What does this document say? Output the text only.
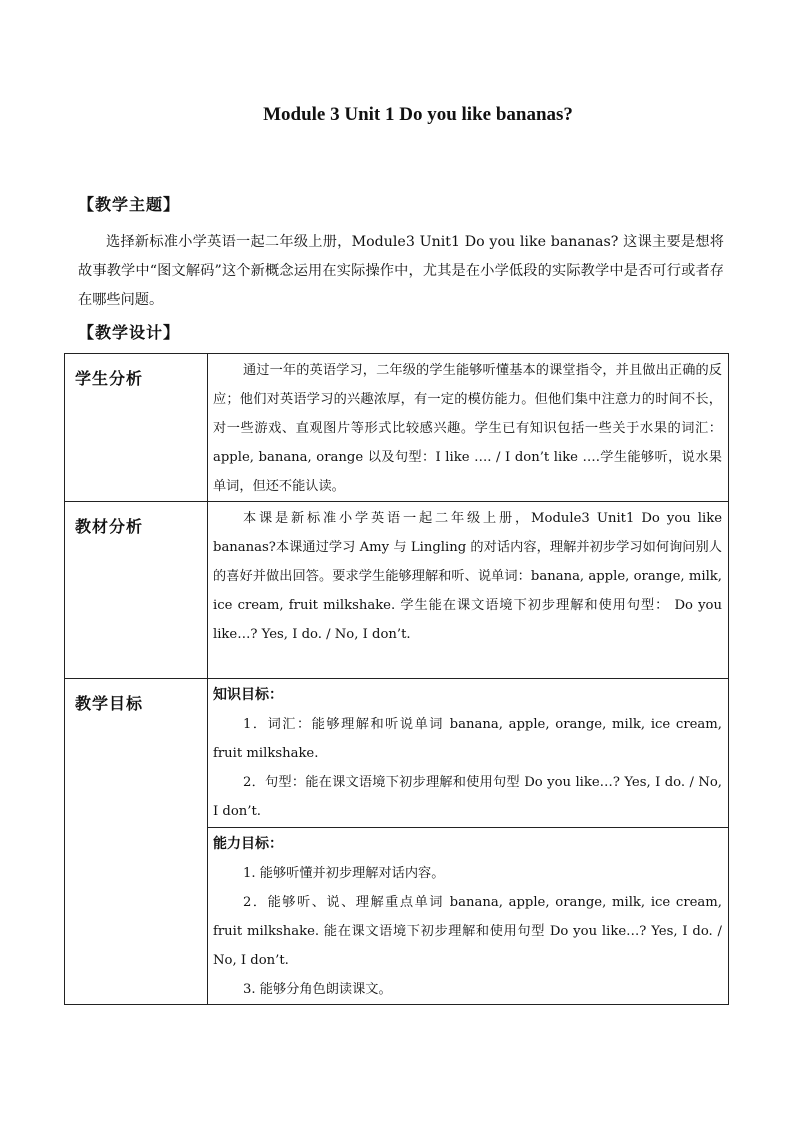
Module 3 Unit 1 Do you like bananas?
【教学主题】
选择新标准小学英语一起二年级上册，Module3 Unit1 Do you like bananas? 这课主要是想将故事教学中“图文解码”这个新概念运用在实际操作中，尤其是在小学低段的实际教学中是否可行或者存在哪些问题。
【教学设计】
学生分析	通过一年的英语学习，二年级的学生能够听懂基本的课堂指令，并且做出正确的反应；他们对英语学习的兴趣浓厚，有一定的模仿能力。但他们集中注意力的时间不长，对一些游戏、直观图片等形式比较感兴趣。学生已有知识包括一些关于水果的词汇：apple, banana, orange 以及句型：I like …. / I don’t like ….学生能够听，说水果单词，但还不能认读。

教材分析	本课是新标准小学英语一起二年级上册，Module3 Unit1 Do you like bananas?本课通过学习 Amy 与 Lingling 的对话内容，理解并初步学习如何询问别人的喜好并做出回答。要求学生能够理解和听、说单词：banana, apple, orange, milk, ice cream, fruit milkshake. 学生能在课文语境下初步理解和使用句型： Do you like…? Yes, I do. / No, I don’t.

教学目标	知识目标：

1．词汇：能够理解和听说单词 banana, apple, orange, milk, ice cream, fruit milkshake.

2．句型：能在课文语境下初步理解和使用句型 Do you like…? Yes, I do. / No, I don’t.

	能力目标：

1. 能够听懂并初步理解对话内容。

2．能够听、说、理解重点单词 banana, apple, orange, milk, ice cream, fruit milkshake. 能在课文语境下初步理解和使用句型 Do you like…? Yes, I do. / No, I don’t.

3. 能够分角色朗读课文。
